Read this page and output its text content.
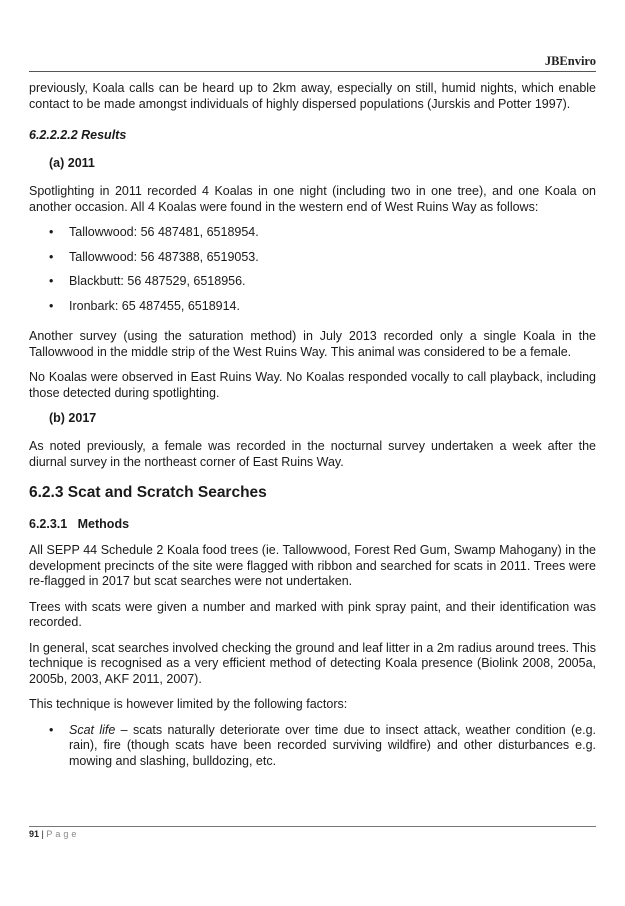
JBEnviro

previously, Koala calls can be heard up to 2km away, especially on still, humid nights, which enable contact to be made amongst individuals of highly dispersed populations (Jurskis and Potter 1997).

6.2.2.2.2 Results
(a) 2011

Spotlighting in 2011 recorded 4 Koalas in one night (including two in one tree), and one Koala on another occasion. All 4 Koalas were found in the western end of West Ruins Way as follows:

• Tallowwood: 56 487481, 6518954.
• Tallowwood: 56 487388, 6519053.
• Blackbutt: 56 487529, 6518956.
• Ironbark: 65 487455, 6518914.

Another survey (using the saturation method) in July 2013 recorded only a single Koala in the Tallowwood in the middle strip of the West Ruins Way. This animal was considered to be a female.

No Koalas were observed in East Ruins Way. No Koalas responded vocally to call playback, including those detected during spotlighting.

(b) 2017

As noted previously, a female was recorded in the nocturnal survey undertaken a week after the diurnal survey in the northeast corner of East Ruins Way.

6.2.3 Scat and Scratch Searches
6.2.3.1   Methods

All SEPP 44 Schedule 2 Koala food trees (ie. Tallowwood, Forest Red Gum, Swamp Mahogany) in the development precincts of the site were flagged with ribbon and searched for scats in 2011. Trees were re-flagged in 2017 but scat searches were not undertaken.

Trees with scats were given a number and marked with pink spray paint, and their identification was recorded.

In general, scat searches involved checking the ground and leaf litter in a 2m radius around trees. This technique is recognised as a very efficient method of detecting Koala presence (Biolink 2008, 2005a, 2005b, 2003, AKF 2011, 2007).

This technique is however limited by the following factors:

• Scat life – scats naturally deteriorate over time due to insect attack, weather condition (e.g. rain), fire (though scats have been recorded surviving wildfire) and other disturbances e.g. mowing and slashing, bulldozing, etc.
91 | Page
